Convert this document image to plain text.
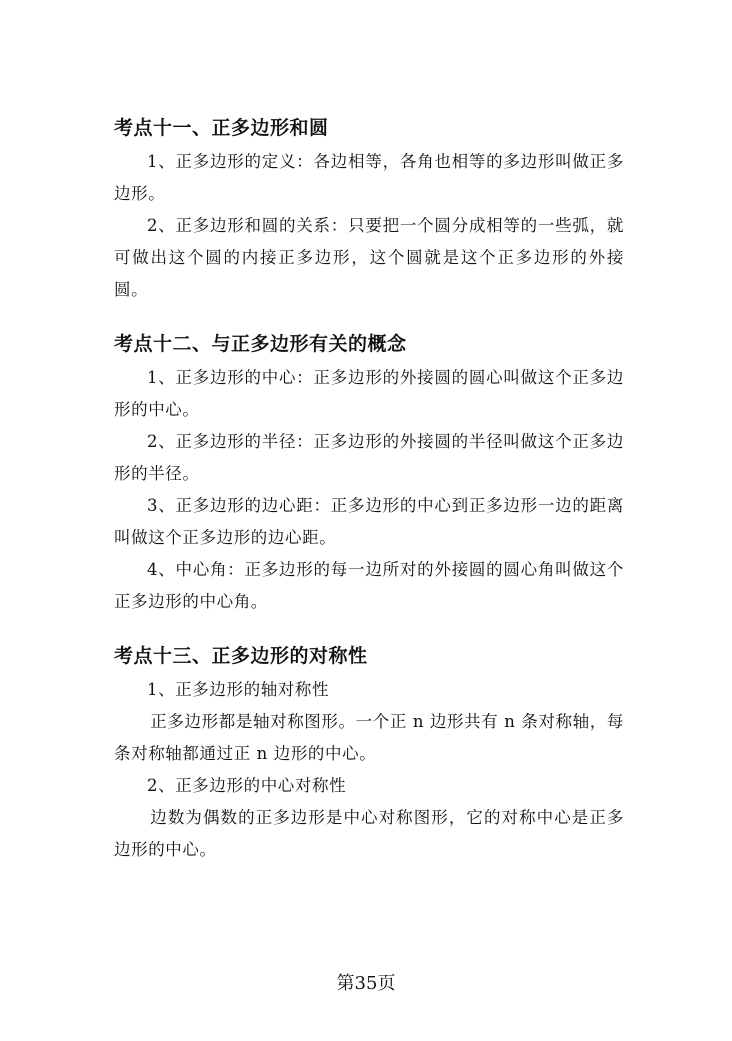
考点十一、正多边形和圆

1、正多边形的定义：各边相等，各角也相等的多边形叫做正多边形。

2、正多边形和圆的关系：只要把一个圆分成相等的一些弧，就可做出这个圆的内接正多边形，这个圆就是这个正多边形的外接圆。

考点十二、与正多边形有关的概念

1、正多边形的中心：正多边形的外接圆的圆心叫做这个正多边形的中心。

2、正多边形的半径：正多边形的外接圆的半径叫做这个正多边形的半径。

3、正多边形的边心距：正多边形的中心到正多边形一边的距离叫做这个正多边形的边心距。

4、中心角：正多边形的每一边所对的外接圆的圆心角叫做这个正多边形的中心角。

考点十三、正多边形的对称性

1、正多边形的轴对称性

正多边形都是轴对称图形。一个正 n 边形共有 n 条对称轴，每条对称轴都通过正 n 边形的中心。

2、正多边形的中心对称性

边数为偶数的正多边形是中心对称图形，它的对称中心是正多边形的中心。

第35页
